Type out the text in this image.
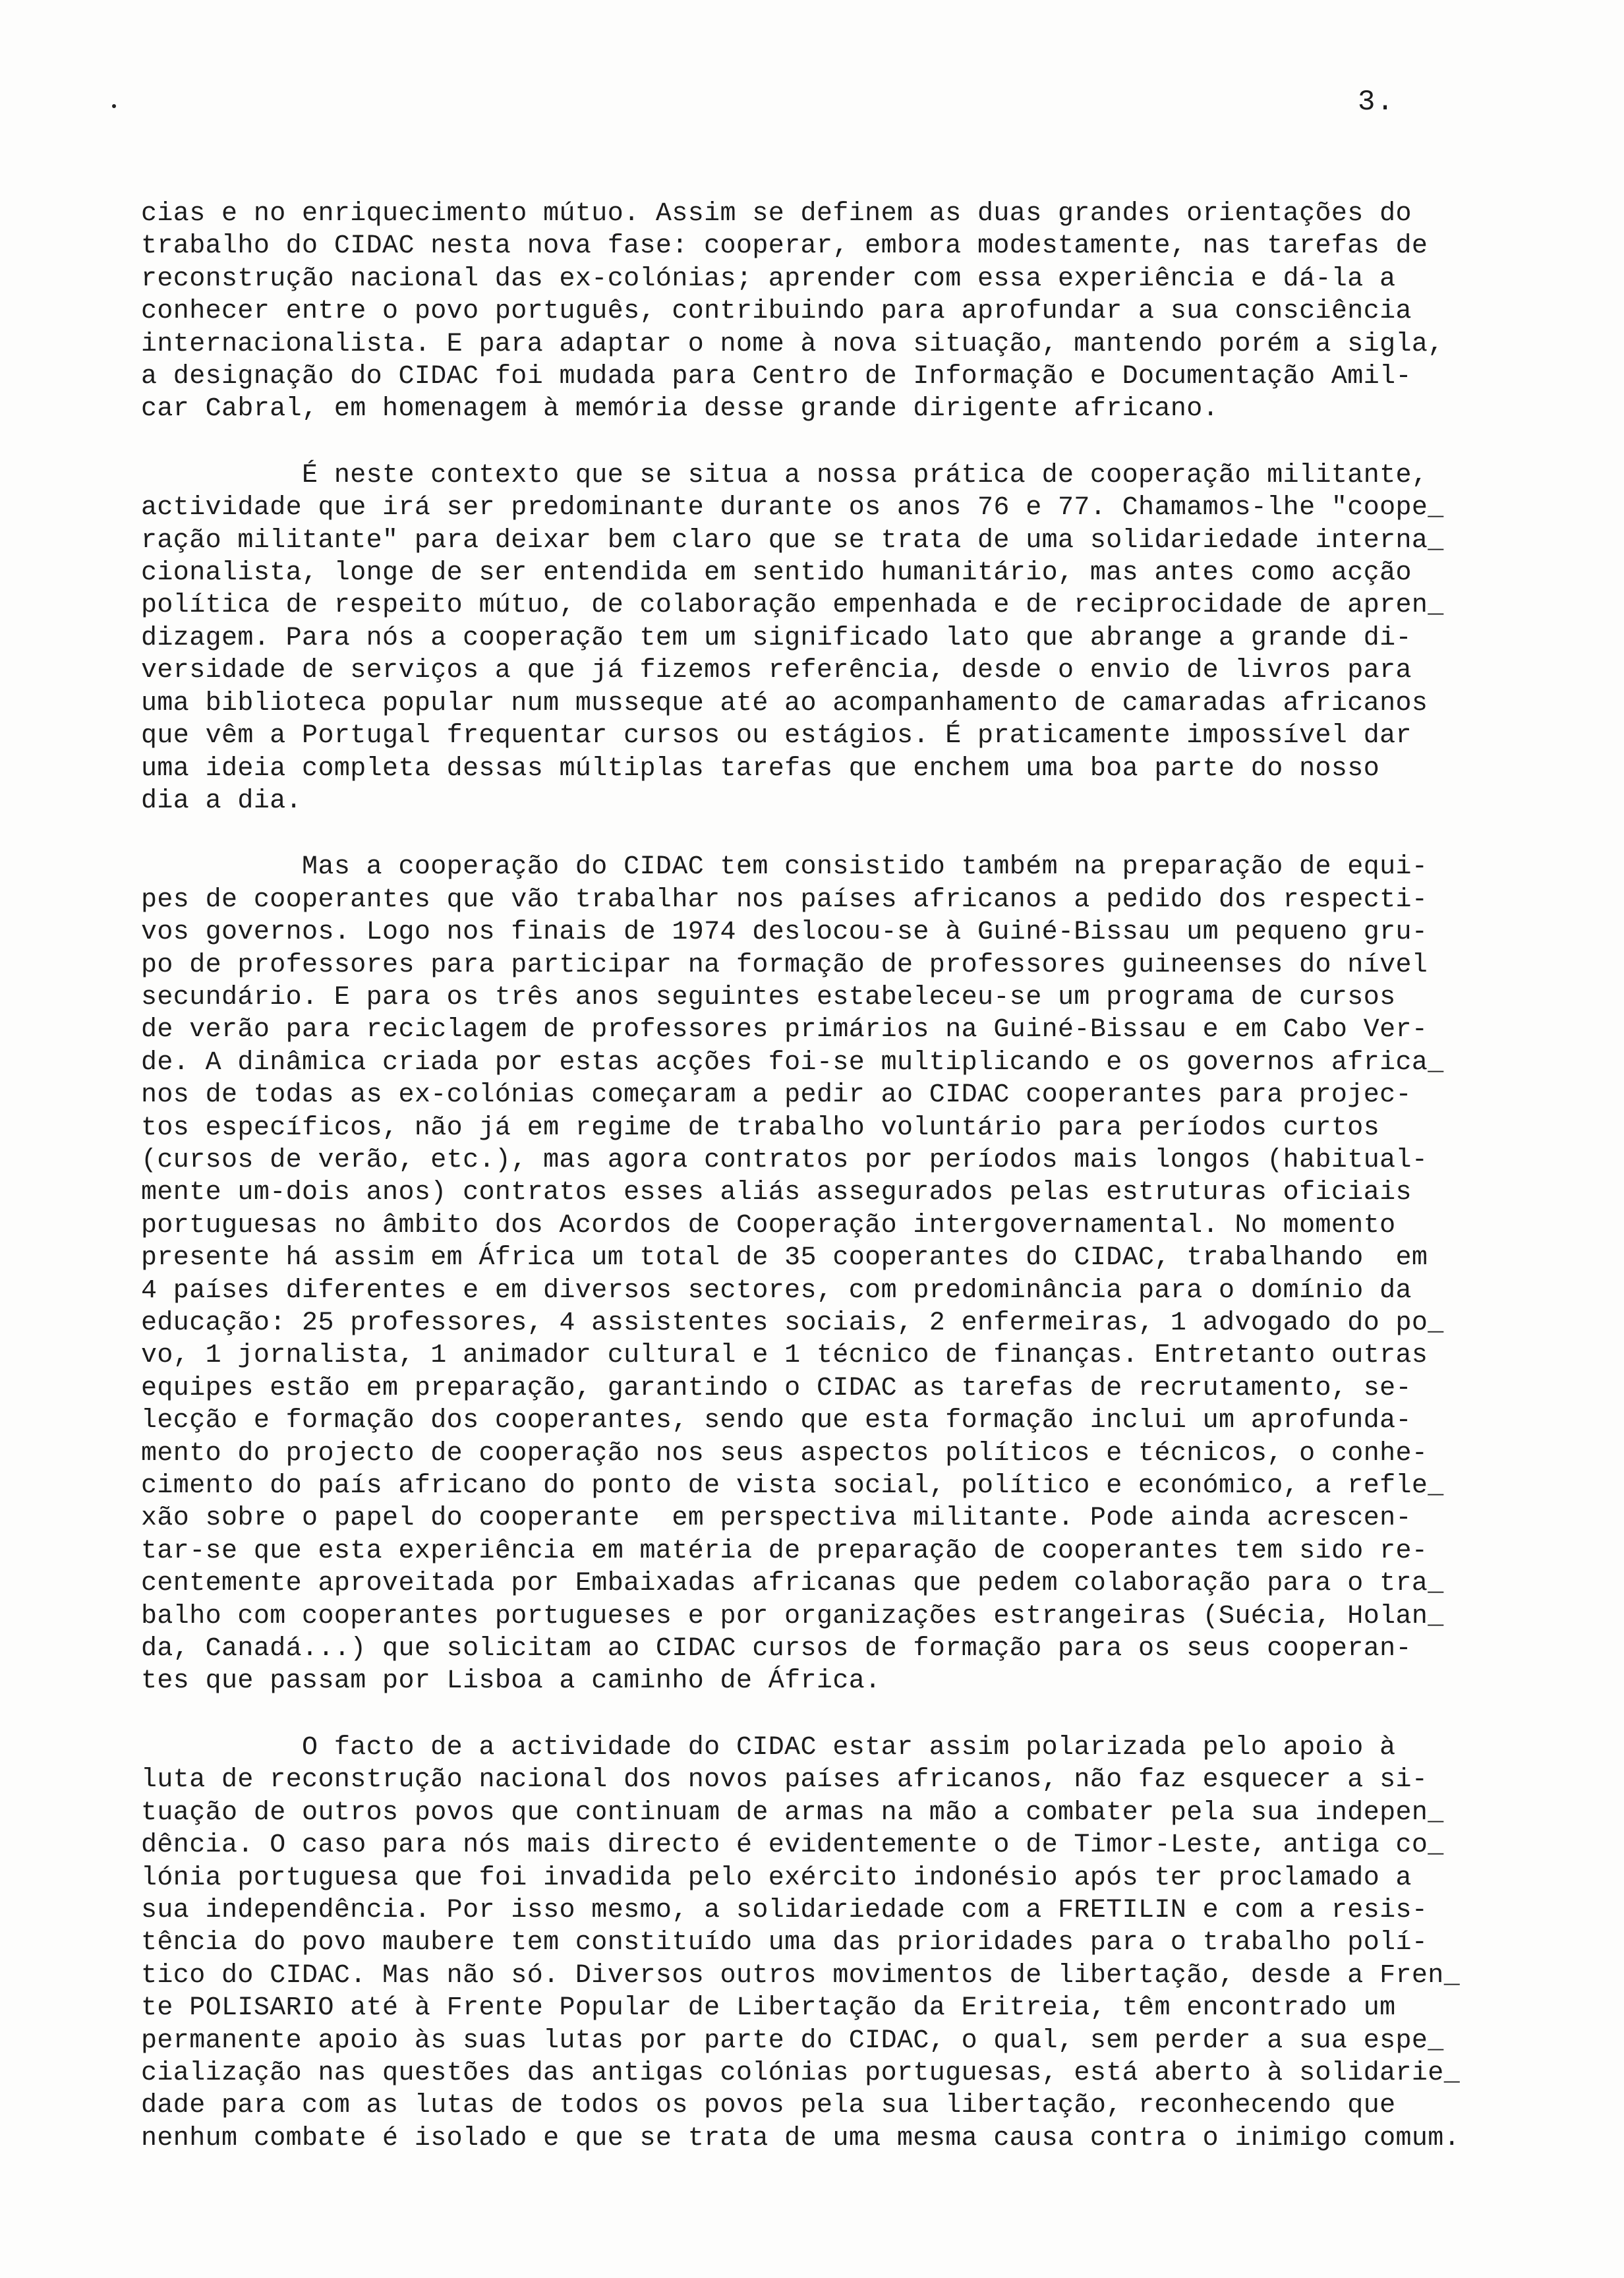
3.

cias e no enriquecimento mútuo. Assim se definem as duas grandes orientações do
trabalho do CIDAC nesta nova fase: cooperar, embora modestamente, nas tarefas de
reconstrução nacional das ex-colónias; aprender com essa experiência e dá-la a
conhecer entre o povo português, contribuindo para aprofundar a sua consciência
internacionalista. E para adaptar o nome à nova situação, mantendo porém a sigla,
a designação do CIDAC foi mudada para Centro de Informação e Documentação Amil-
car Cabral, em homenagem à memória desse grande dirigente africano.

É neste contexto que se situa a nossa prática de cooperação militante,
actividade que irá ser predominante durante os anos 76 e 77. Chamamos-lhe "coope_
ração militante" para deixar bem claro que se trata de uma solidariedade interna_
cionalista, longe de ser entendida em sentido humanitário, mas antes como acção
política de respeito mútuo, de colaboração empenhada e de reciprocidade de apren_
dizagem. Para nós a cooperação tem um significado lato que abrange a grande di-
versidade de serviços a que já fizemos referência, desde o envio de livros para
uma biblioteca popular num musseque até ao acompanhamento de camaradas africanos
que vêm a Portugal frequentar cursos ou estágios. É praticamente impossível dar
uma ideia completa dessas múltiplas tarefas que enchem uma boa parte do nosso
dia a dia.

Mas a cooperação do CIDAC tem consistido também na preparação de equi-
pes de cooperantes que vão trabalhar nos países africanos a pedido dos respecti-
vos governos. Logo nos finais de 1974 deslocou-se à Guiné-Bissau um pequeno gru-
po de professores para participar na formação de professores guineenses do nível
secundário. E para os três anos seguintes estabeleceu-se um programa de cursos
de verão para reciclagem de professores primários na Guiné-Bissau e em Cabo Ver-
de. A dinâmica criada por estas acções foi-se multiplicando e os governos africa_
nos de todas as ex-colónias começaram a pedir ao CIDAC cooperantes para projec-
tos específicos, não já em regime de trabalho voluntário para períodos curtos
(cursos de verão, etc.), mas agora contratos por períodos mais longos (habitual-
mente um-dois anos) contratos esses aliás assegurados pelas estruturas oficiais
portuguesas no âmbito dos Acordos de Cooperação intergovernamental. No momento
presente há assim em África um total de 35 cooperantes do CIDAC, trabalhando  em
4 países diferentes e em diversos sectores, com predominância para o domínio da
educação: 25 professores, 4 assistentes sociais, 2 enfermeiras, 1 advogado do po_
vo, 1 jornalista, 1 animador cultural e 1 técnico de finanças. Entretanto outras
equipes estão em preparação, garantindo o CIDAC as tarefas de recrutamento, se-
lecção e formação dos cooperantes, sendo que esta formação inclui um aprofunda-
mento do projecto de cooperação nos seus aspectos políticos e técnicos, o conhe-
cimento do país africano do ponto de vista social, político e económico, a refle_
xão sobre o papel do cooperante  em perspectiva militante. Pode ainda acrescen-
tar-se que esta experiência em matéria de preparação de cooperantes tem sido re-
centemente aproveitada por Embaixadas africanas que pedem colaboração para o tra_
balho com cooperantes portugueses e por organizações estrangeiras (Suécia, Holan_
da, Canadá...) que solicitam ao CIDAC cursos de formação para os seus cooperan-
tes que passam por Lisboa a caminho de África.

O facto de a actividade do CIDAC estar assim polarizada pelo apoio à
luta de reconstrução nacional dos novos países africanos, não faz esquecer a si-
tuação de outros povos que continuam de armas na mão a combater pela sua indepen_
dência. O caso para nós mais directo é evidentemente o de Timor-Leste, antiga co_
lónia portuguesa que foi invadida pelo exército indonésio após ter proclamado a
sua independência. Por isso mesmo, a solidariedade com a FRETILIN e com a resis-
tência do povo maubere tem constituído uma das prioridades para o trabalho polí-
tico do CIDAC. Mas não só. Diversos outros movimentos de libertação, desde a Fren_
te POLISARIO até à Frente Popular de Libertação da Eritreia, têm encontrado um
permanente apoio às suas lutas por parte do CIDAC, o qual, sem perder a sua espe_
cialização nas questões das antigas colónias portuguesas, está aberto à solidarie_
dade para com as lutas de todos os povos pela sua libertação, reconhecendo que
nenhum combate é isolado e que se trata de uma mesma causa contra o inimigo comum.
